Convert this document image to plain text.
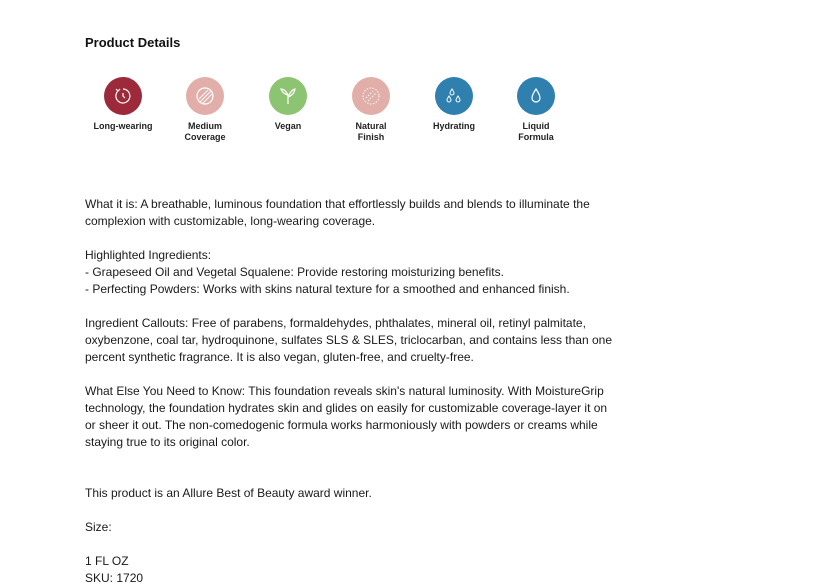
Product Details
Long-wearing	Medium
Coverage
Vegan	Natural
Finish
Hydrating	Liquid
Formula

What it is: A breathable, luminous foundation that effortlessly builds and blends to illuminate the

complexion with customizable, long-wearing coverage.

Highlighted Ingredients:

- Grapeseed Oil and Vegetal Squalene: Provide restoring moisturizing benefits.

- Perfecting Powders: Works with skins natural texture for a smoothed and enhanced finish.

Ingredient Callouts: Free of parabens, formaldehydes, phthalates, mineral oil, retinyl palmitate,

oxybenzone, coal tar, hydroquinone, sulfates SLS & SLES, triclocarban, and contains less than one

percent synthetic fragrance. It is also vegan, gluten-free, and cruelty-free.

What Else You Need to Know: This foundation reveals skin's natural luminosity. With MoistureGrip

technology, the foundation hydrates skin and glides on easily for customizable coverage-layer it on

or sheer it out. The non-comedogenic formula works harmoniously with powders or creams while

staying true to its original color.

This product is an Allure Best of Beauty award winner.

Size:

1 FL OZ

SKU: 1720
